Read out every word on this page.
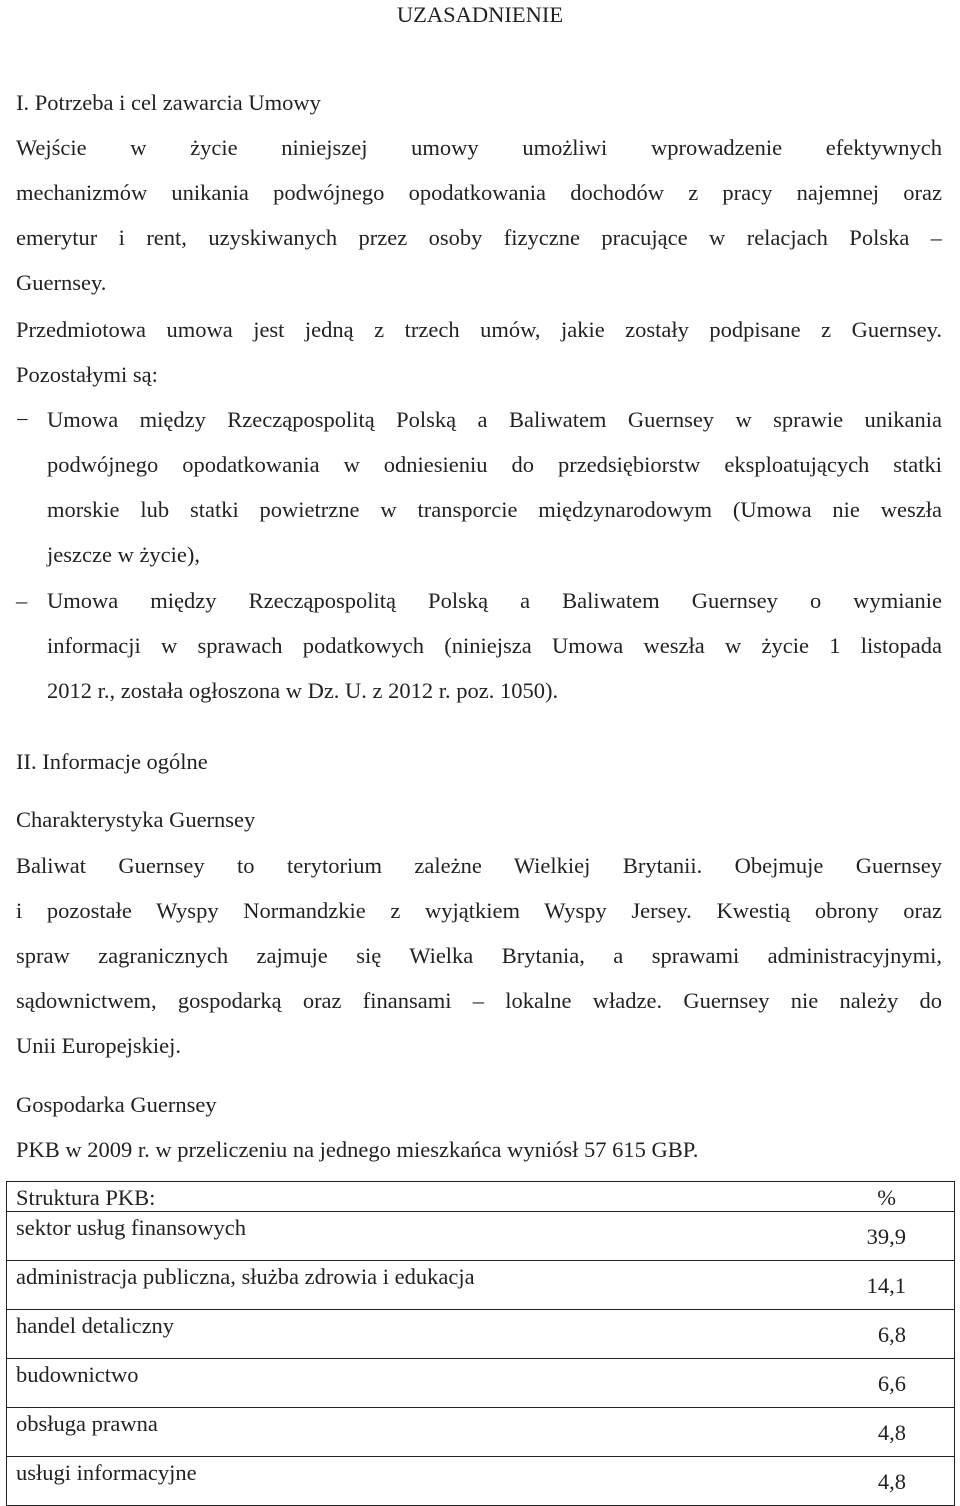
UZASADNIENIE
I. Potrzeba i cel zawarcia Umowy
Wejście w życie niniejszej umowy umożliwi wprowadzenie efektywnych
mechanizmów unikania podwójnego opodatkowania dochodów z pracy najemnej oraz
emerytur i rent, uzyskiwanych przez osoby fizyczne pracujące w relacjach Polska –
Guernsey.
Przedmiotowa umowa jest jedną z trzech umów, jakie zostały podpisane z Guernsey.
Pozostałymi są:
− Umowa między Rzecząpospolitą Polską a Baliwatem Guernsey w sprawie unikania
podwójnego opodatkowania w odniesieniu do przedsiębiorstw eksploatujących statki
morskie lub statki powietrzne w transporcie międzynarodowym (Umowa nie weszła
jeszcze w życie),
– Umowa między Rzecząpospolitą Polską a Baliwatem Guernsey o wymianie
informacji w sprawach podatkowych (niniejsza Umowa weszła w życie 1 listopada
2012 r., została ogłoszona w Dz. U. z 2012 r. poz. 1050).
II. Informacje ogólne
Charakterystyka Guernsey
Baliwat Guernsey to terytorium zależne Wielkiej Brytanii. Obejmuje Guernsey
i pozostałe Wyspy Normandzkie z wyjątkiem Wyspy Jersey. Kwestią obrony oraz
spraw zagranicznych zajmuje się Wielka Brytania, a sprawami administracyjnymi,
sądownictwem, gospodarką oraz finansami – lokalne władze. Guernsey nie należy do
Unii Europejskiej.
Gospodarka Guernsey
PKB w 2009 r. w przeliczeniu na jednego mieszkańca wyniósł 57 615 GBP.
Struktura PKB:	%
sektor usług finansowych	39,9
administracja publiczna, służba zdrowia i edukacja	14,1
handel detaliczny	6,8
budownictwo	6,6
obsługa prawna	4,8
usługi informacyjne	4,8
